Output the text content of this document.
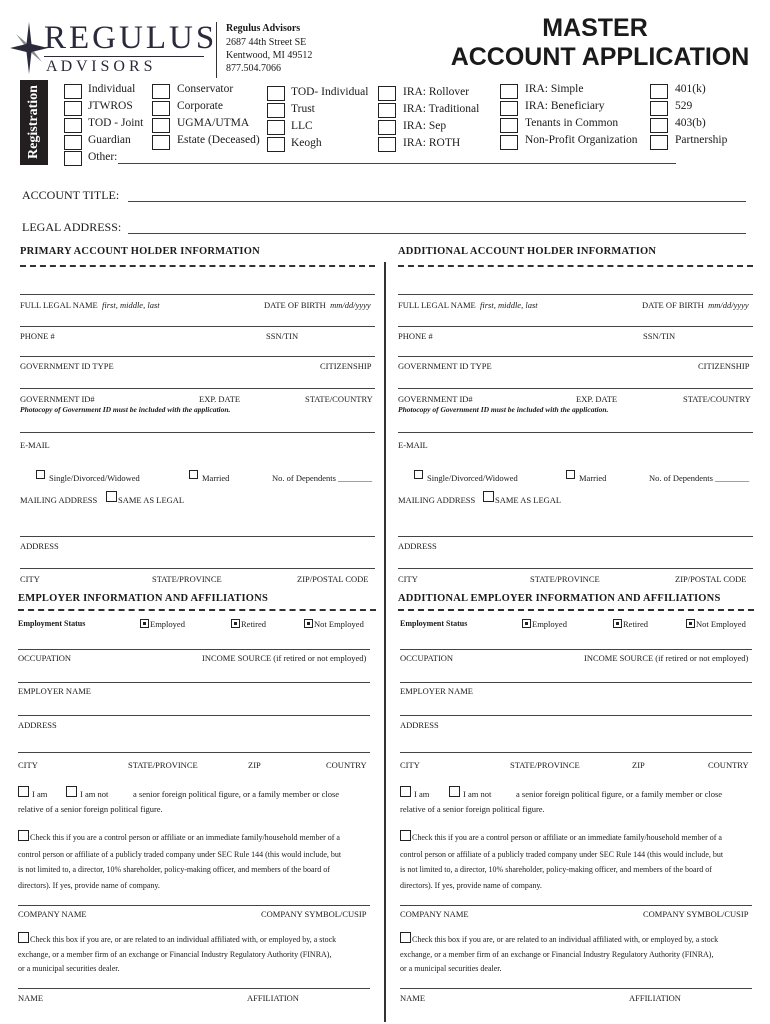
REGULUS
A D V I S O R S
Regulus Advisors
2687 44th Street SE
Kentwood, MI 49512
877.504.7066
MASTER
ACCOUNT APPLICATION
Registration	Individual
JTWROS
TOD - Joint
Guardian
Other:
Conservator
Corporate
UGMA/UTMA
Estate (Deceased)
TOD- Individual
Trust
LLC
Keogh
IRA: Rollover
IRA: Traditional
IRA: Sep
IRA: ROTH
IRA: Simple
IRA: Beneficiary
Tenants in Common
Non-Profit Organization
401(k)
529
403(b)
Partnership
ACCOUNT TITLE:
LEGAL ADDRESS:
PRIMARY ACCOUNT HOLDER INFORMATION	ADDITIONAL ACCOUNT HOLDER INFORMATION
FULL LEGAL NAME first, middle, last	DATE OF BIRTH mm/dd/yyyy
PHONE #	SSN/TIN
GOVERNMENT ID TYPE	CITIZENSHIP
GOVERNMENT ID#	EXP. DATE	STATE/COUNTRY
Photocopy of Government ID must be included with the application.
E-MAIL
Single/Divorced/Widowed	Married	No. of Dependents ________
MAILING ADDRESS SAME AS LEGAL
ADDRESS
CITY	STATE/PROVINCE	ZIP/POSTAL CODE
EMPLOYER INFORMATION AND AFFILIATIONS
Employment Status	Employed	Retired	Not Employed
OCCUPATION	INCOME SOURCE (if retired or not employed)
EMPLOYER NAME
ADDRESS
CITY	STATE/PROVINCE	ZIP	COUNTRY
I am	I am not	a senior foreign political figure, or a family member or close
relative of a senior foreign political figure.
Check this if you are a control person or affiliate or an immediate family/household member of a
control person or affiliate of a publicly traded company under SEC Rule 144 (this would include, but
is not limited to, a director, 10% shareholder, policy-making officer, and members of the board of
directors). If yes, provide name of company.
COMPANY NAME	COMPANY SYMBOL/CUSIP
Check this box if you are, or are related to an individual affiliated with, or employed by, a stock
exchange, or a member firm of an exchange or Financial Industry Regulatory Authority (FINRA),
or a municipal securities dealer.
NAME	AFFILIATION
FULL LEGAL NAME first, middle, last	DATE OF BIRTH mm/dd/yyyy
PHONE #	SSN/TIN
GOVERNMENT ID TYPE	CITIZENSHIP
GOVERNMENT ID#	EXP. DATE	STATE/COUNTRY
Photocopy of Government ID must be included with the application.
E-MAIL
Single/Divorced/Widowed	Married	No. of Dependents ________
MAILING ADDRESS SAME AS LEGAL
ADDRESS
CITY	STATE/PROVINCE	ZIP/POSTAL CODE
ADDITIONAL EMPLOYER INFORMATION AND AFFILIATIONS
Employment Status	Employed	Retired	Not Employed
OCCUPATION	INCOME SOURCE (if retired or not employed)
EMPLOYER NAME
ADDRESS
CITY	STATE/PROVINCE	ZIP	COUNTRY
I am	I am not	a senior foreign political figure, or a family member or close
relative of a senior foreign political figure.
Check this if you are a control person or affiliate or an immediate family/household member of a
control person or affiliate of a publicly traded company under SEC Rule 144 (this would include, but
is not limited to, a director, 10% shareholder, policy-making officer, and members of the board of
directors). If yes, provide name of company.
COMPANY NAME	COMPANY SYMBOL/CUSIP
Check this box if you are, or are related to an individual affiliated with, or employed by, a stock
exchange, or a member firm of an exchange or Financial Industry Regulatory Authority (FINRA),
or a municipal securities dealer.
NAME	AFFILIATION
